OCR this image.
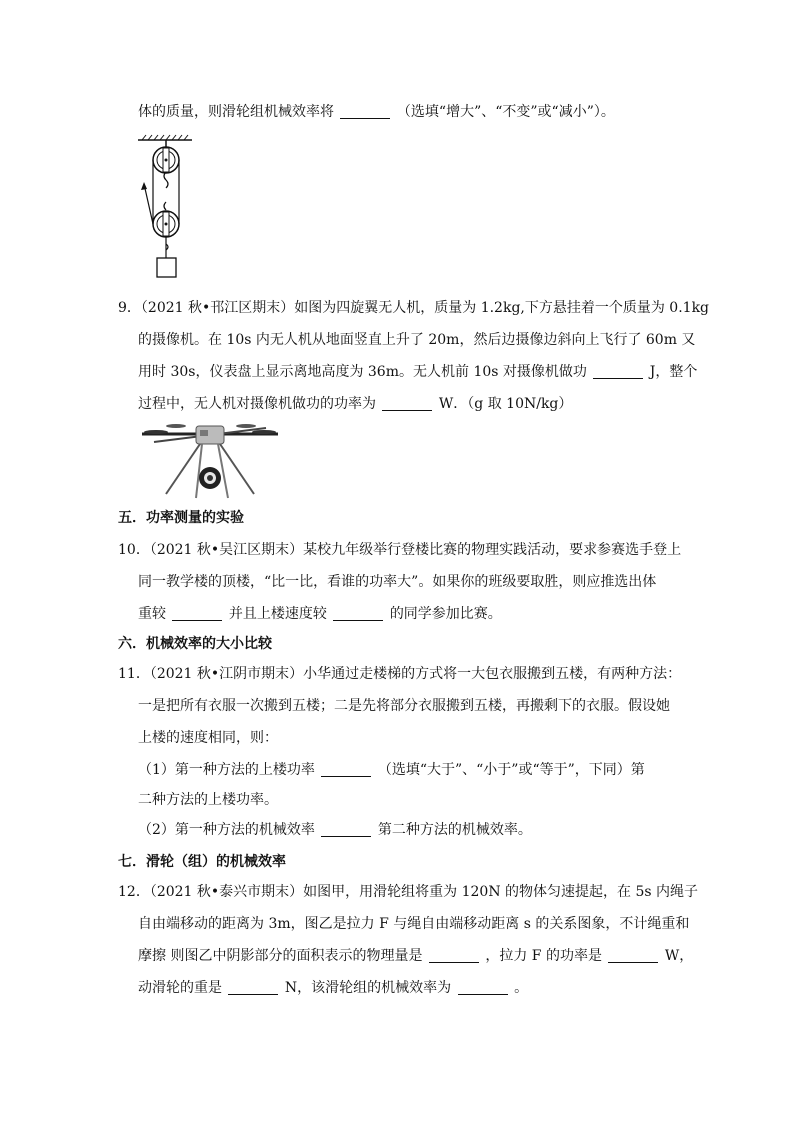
体的质量，则滑轮组机械效率将	（选填“增大”、“不变”或“减小”）。
9．（2021 秋•邗江区期末）如图为四旋翼无人机，质量为 1.2kg,下方悬挂着一个质量为 0.1kg
的摄像机。在 10s 内无人机从地面竖直上升了 20m，然后边摄像边斜向上飞行了 60m 又
用时 30s，仪表盘上显示离地高度为 36m。无人机前 10s 对摄像机做功	J，整个
过程中，无人机对摄像机做功的功率为	W．（g 取 10N/kg）
五．功率测量的实验
10．（2021 秋•吴江区期末）某校九年级举行登楼比赛的物理实践活动，要求参赛选手登上
同一教学楼的顶楼，“比一比，看谁的功率大”。如果你的班级要取胜，则应推选出体
重较	并且上楼速度较	的同学参加比赛。
六．机械效率的大小比较
11．（2021 秋•江阴市期末）小华通过走楼梯的方式将一大包衣服搬到五楼，有两种方法：
一是把所有衣服一次搬到五楼；二是先将部分衣服搬到五楼，再搬剩下的衣服。假设她
上楼的速度相同，则：
（1）第一种方法的上楼功率	（选填“大于”、“小于”或“等于”，下同）第
二种方法的上楼功率。
（2）第一种方法的机械效率	第二种方法的机械效率。
七．滑轮（组）的机械效率
12．（2021 秋•泰兴市期末）如图甲，用滑轮组将重为 120N 的物体匀速提起，在 5s 内绳子
自由端移动的距离为 3m，图乙是拉力 F 与绳自由端移动距离 s 的关系图象，不计绳重和
摩擦 则图乙中阴影部分的面积表示的物理量是	，拉力 F 的功率是	W，
动滑轮的重是	N，该滑轮组的机械效率为	。
